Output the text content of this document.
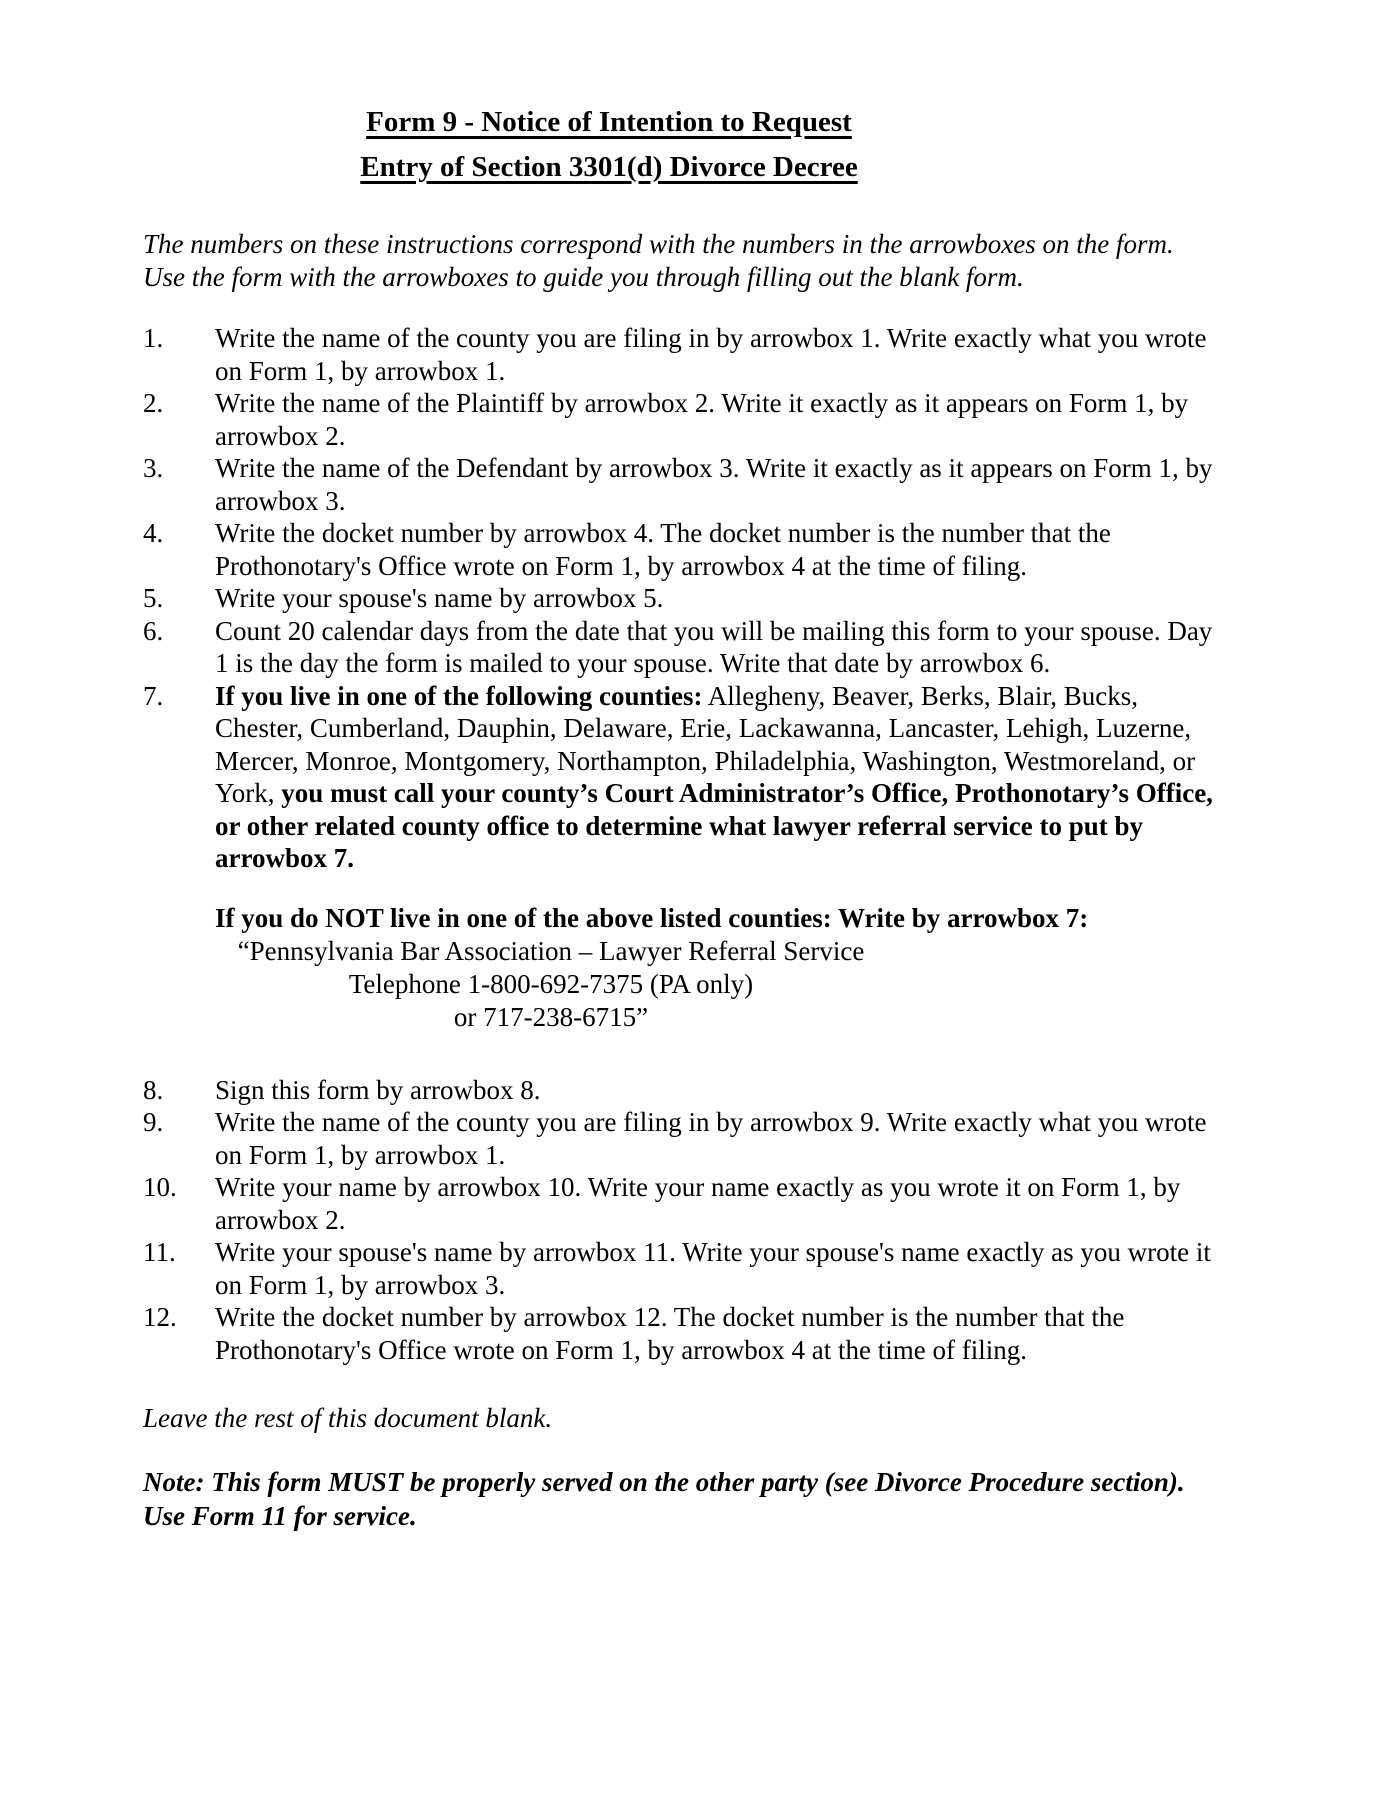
Form 9 - Notice of Intention to Request
Entry of Section 3301(d) Divorce Decree
The numbers on these instructions correspond with the numbers in the arrowboxes on the form. Use the form with the arrowboxes to guide you through filling out the blank form.
1.	Write the name of the county you are filing in by arrowbox 1. Write exactly what you wrote on Form 1, by arrowbox 1.
2.	Write the name of the Plaintiff by arrowbox 2. Write it exactly as it appears on Form 1, by arrowbox 2.
3.	Write the name of the Defendant by arrowbox 3. Write it exactly as it appears on Form 1, by arrowbox 3.
4.	Write the docket number by arrowbox 4. The docket number is the number that the Prothonotary's Office wrote on Form 1, by arrowbox 4 at the time of filing.
5.	Write your spouse's name by arrowbox 5.
6.	Count 20 calendar days from the date that you will be mailing this form to your spouse. Day 1 is the day the form is mailed to your spouse. Write that date by arrowbox 6.
7.	If you live in one of the following counties: Allegheny, Beaver, Berks, Blair, Bucks, Chester, Cumberland, Dauphin, Delaware, Erie, Lackawanna, Lancaster, Lehigh, Luzerne, Mercer, Monroe, Montgomery, Northampton, Philadelphia, Washington, Westmoreland, or York, you must call your county’s Court Administrator’s Office, Prothonotary’s Office, or other related county office to determine what lawyer referral service to put by arrowbox 7.
If you do NOT live in one of the above listed counties: Write by arrowbox 7:
“Pennsylvania Bar Association – Lawyer Referral Service
Telephone 1-800-692-7375 (PA only)
or 717-238-6715”
8.	Sign this form by arrowbox 8.
9.	Write the name of the county you are filing in by arrowbox 9. Write exactly what you wrote on Form 1, by arrowbox 1.
10.	Write your name by arrowbox 10. Write your name exactly as you wrote it on Form 1, by arrowbox 2.
11.	Write your spouse's name by arrowbox 11. Write your spouse's name exactly as you wrote it on Form 1, by arrowbox 3.
12.	Write the docket number by arrowbox 12. The docket number is the number that the Prothonotary's Office wrote on Form 1, by arrowbox 4 at the time of filing.
Leave the rest of this document blank.
Note: This form MUST be properly served on the other party (see Divorce Procedure section). Use Form 11 for service.
